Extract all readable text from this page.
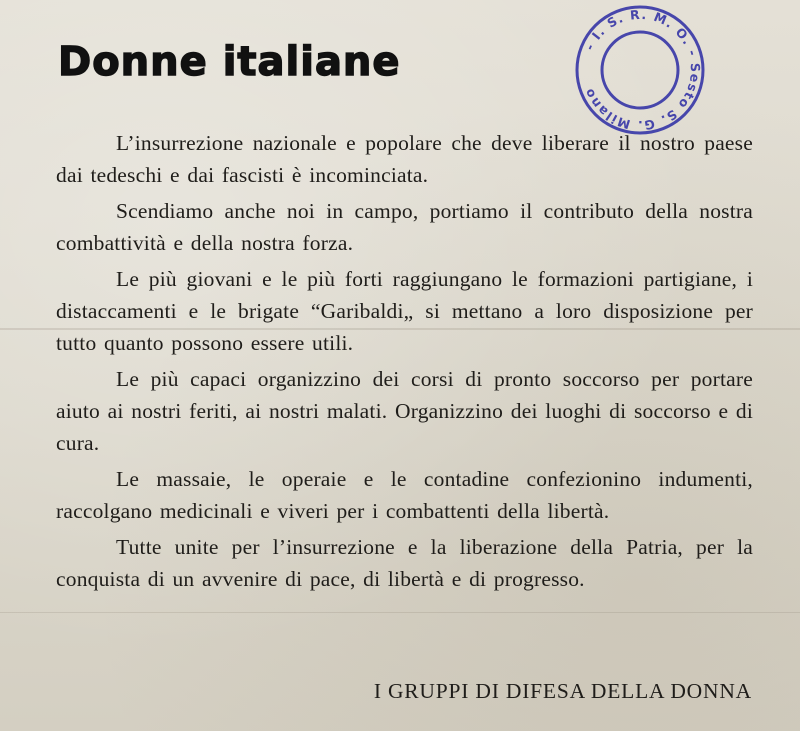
Donne italiane	- I. S. R. M. O. - Sesto S. G. Milano

L’insurrezione nazionale e popolare che deve liberare il nostro paese dai tedeschi e dai fascisti è incominciata.

Scendiamo anche noi in campo, portiamo il contributo della nostra combattività e della nostra forza.

Le più giovani e le più forti raggiungano le formazioni partigiane, i distaccamenti e le brigate “Garibaldi„ si mettano a loro disposizione per tutto quanto possono essere utili.

Le più capaci organizzino dei corsi di pronto soccorso per portare aiuto ai nostri feriti, ai nostri malati. Organizzino dei luoghi di soccorso e di cura.

Le massaie, le operaie e le contadine confezionino indumenti, raccolgano medicinali e viveri per i combattenti della libertà.

Tutte unite per l’insurrezione e la liberazione della Patria, per la conquista di un avvenire di pace, di libertà e di progresso.

I GRUPPI DI DIFESA DELLA DONNA
